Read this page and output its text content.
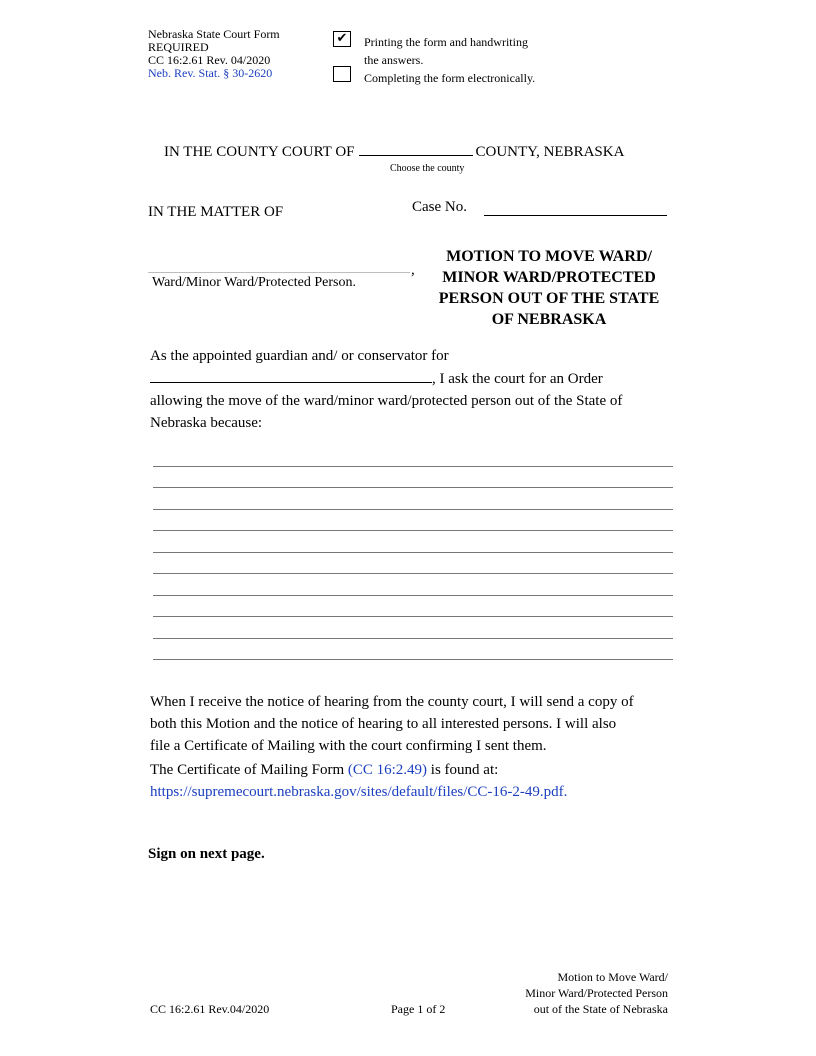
Nebraska State Court Form
REQUIRED
CC 16:2.61 Rev. 04/2020
Neb. Rev. Stat. § 30-2620
✔ Printing the form and handwriting
the answers.
Completing the form electronically.
IN THE COUNTY COURT OF	COUNTY, NEBRASKA
Choose the county
IN THE MATTER OF	Case No.
,
Ward/Minor Ward/Protected Person.
MOTION TO MOVE WARD/
MINOR WARD/PROTECTED
PERSON OUT OF THE STATE
OF NEBRASKA
As the appointed guardian and/ or conservator for
, I ask the court for an Order
allowing the move of the ward/minor ward/protected person out of the State of
Nebraska because:
When I receive the notice of hearing from the county court, I will send a copy of
both this Motion and the notice of hearing to all interested persons. I will also
file a Certificate of Mailing with the court confirming I sent them.
The Certificate of Mailing Form (CC 16:2.49) is found at:
https://supremecourt.nebraska.gov/sites/default/files/CC-16-2-49.pdf.
Sign on next page.
CC 16:2.61 Rev.04/2020	Page 1 of 2
Motion to Move Ward/
Minor Ward/Protected Person
out of the State of Nebraska
